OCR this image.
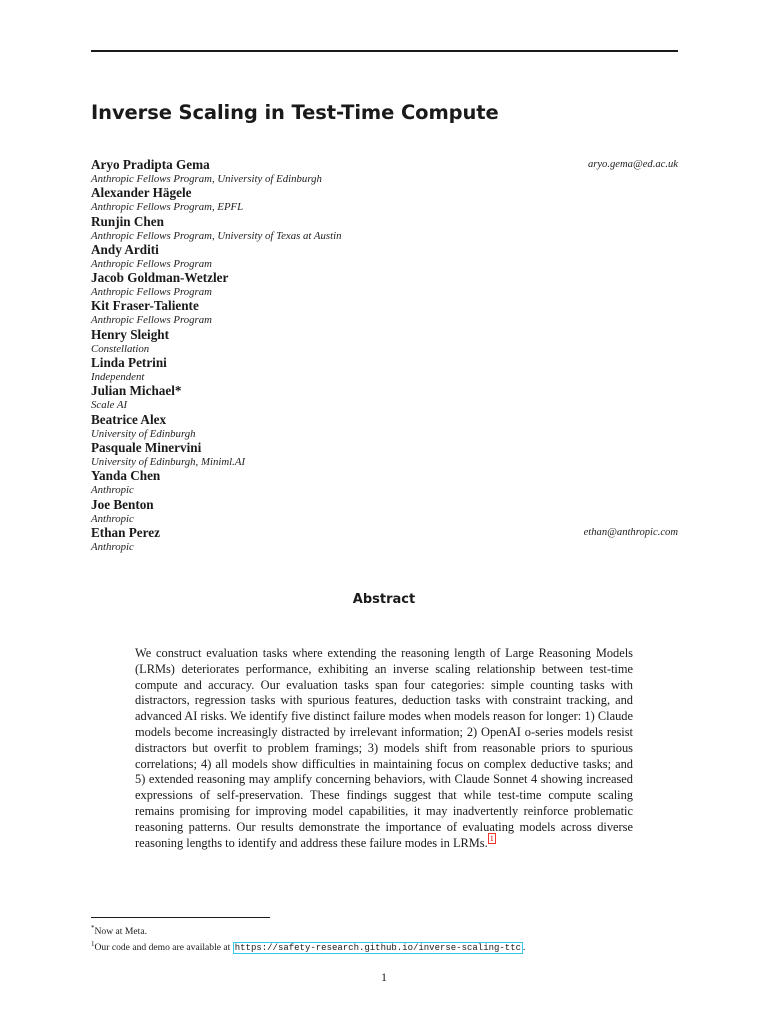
Inverse Scaling in Test-Time Compute
Aryo Pradipta Gema
Anthropic Fellows Program, University of Edinburgh
aryo.gema@ed.ac.uk
Alexander Hägele
Anthropic Fellows Program, EPFL
Runjin Chen
Anthropic Fellows Program, University of Texas at Austin
Andy Arditi
Anthropic Fellows Program
Jacob Goldman-Wetzler
Anthropic Fellows Program
Kit Fraser-Taliente
Anthropic Fellows Program
Henry Sleight
Constellation
Linda Petrini
Independent
Julian Michael*
Scale AI
Beatrice Alex
University of Edinburgh
Pasquale Minervini
University of Edinburgh, Miniml.AI
Yanda Chen
Anthropic
Joe Benton
Anthropic
Ethan Perez
Anthropic
ethan@anthropic.com
Abstract

We construct evaluation tasks where extending the reasoning length of Large Reasoning Models (LRMs) deteriorates performance, exhibiting an inverse scaling relationship between test-time compute and accuracy. Our evaluation tasks span four categories: simple counting tasks with distractors, regression tasks with spurious features, deduction tasks with constraint tracking, and advanced AI risks. We identify five distinct failure modes when models reason for longer: 1) Claude models become increasingly distracted by irrelevant information; 2) OpenAI o-series models resist distractors but overfit to problem framings; 3) models shift from reasonable priors to spurious correlations; 4) all models show difficulties in maintaining focus on complex deductive tasks; and 5) extended reasoning may amplify concerning behaviors, with Claude Sonnet 4 showing increased expressions of self-preservation. These findings suggest that while test-time compute scaling remains promising for improving model capabilities, it may inadvertently reinforce problematic reasoning patterns. Our results demonstrate the importance of evaluating models across diverse reasoning lengths to identify and address these failure modes in LRMs. $^1$

*Now at Meta.
$^1$Our code and demo are available at https://safety-research.github.io/inverse-scaling-ttc .
1
